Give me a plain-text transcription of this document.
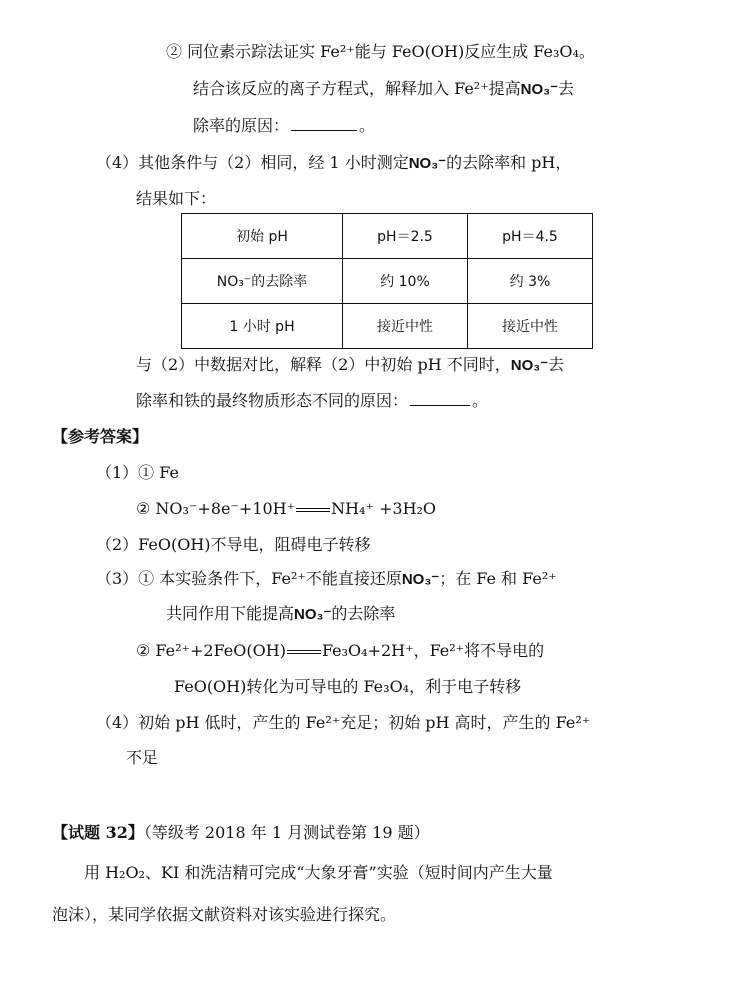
② 同位素示踪法证实 Fe²⁺能与 FeO(OH)反应生成 Fe₃O₄。
结合该反应的离子方程式，解释加入 Fe²⁺提高NO₃⁻去
除率的原因：	。
（4）其他条件与（2）相同，经 1 小时测定NO₃⁻的去除率和 pH，
结果如下：
初始 pH	pH＝2.5	pH＝4.5
NO₃⁻的去除率	约 10%	约 3%
1 小时 pH	接近中性	接近中性
与（2）中数据对比，解释（2）中初始 pH 不同时，NO₃⁻去
除率和铁的最终物质形态不同的原因：	。
【参考答案】
（1）① Fe
② NO₃⁻+8e⁻+10H⁺ NH₄⁺ +3H₂O
（2）FeO(OH)不导电，阻碍电子转移
（3）① 本实验条件下，Fe²⁺不能直接还原NO₃⁻；在 Fe 和 Fe²⁺
共同作用下能提高NO₃⁻的去除率
② Fe²⁺+2FeO(OH) Fe₃O₄+2H⁺，Fe²⁺将不导电的
FeO(OH)转化为可导电的 Fe₃O₄，利于电子转移
（4）初始 pH 低时，产生的 Fe²⁺充足；初始 pH 高时，产生的 Fe²⁺
不足
【试题 32】（等级考 2018 年 1 月测试卷第 19 题）
用 H₂O₂、KI 和洗洁精可完成“大象牙膏”实验（短时间内产生大量
泡沫），某同学依据文献资料对该实验进行探究。
